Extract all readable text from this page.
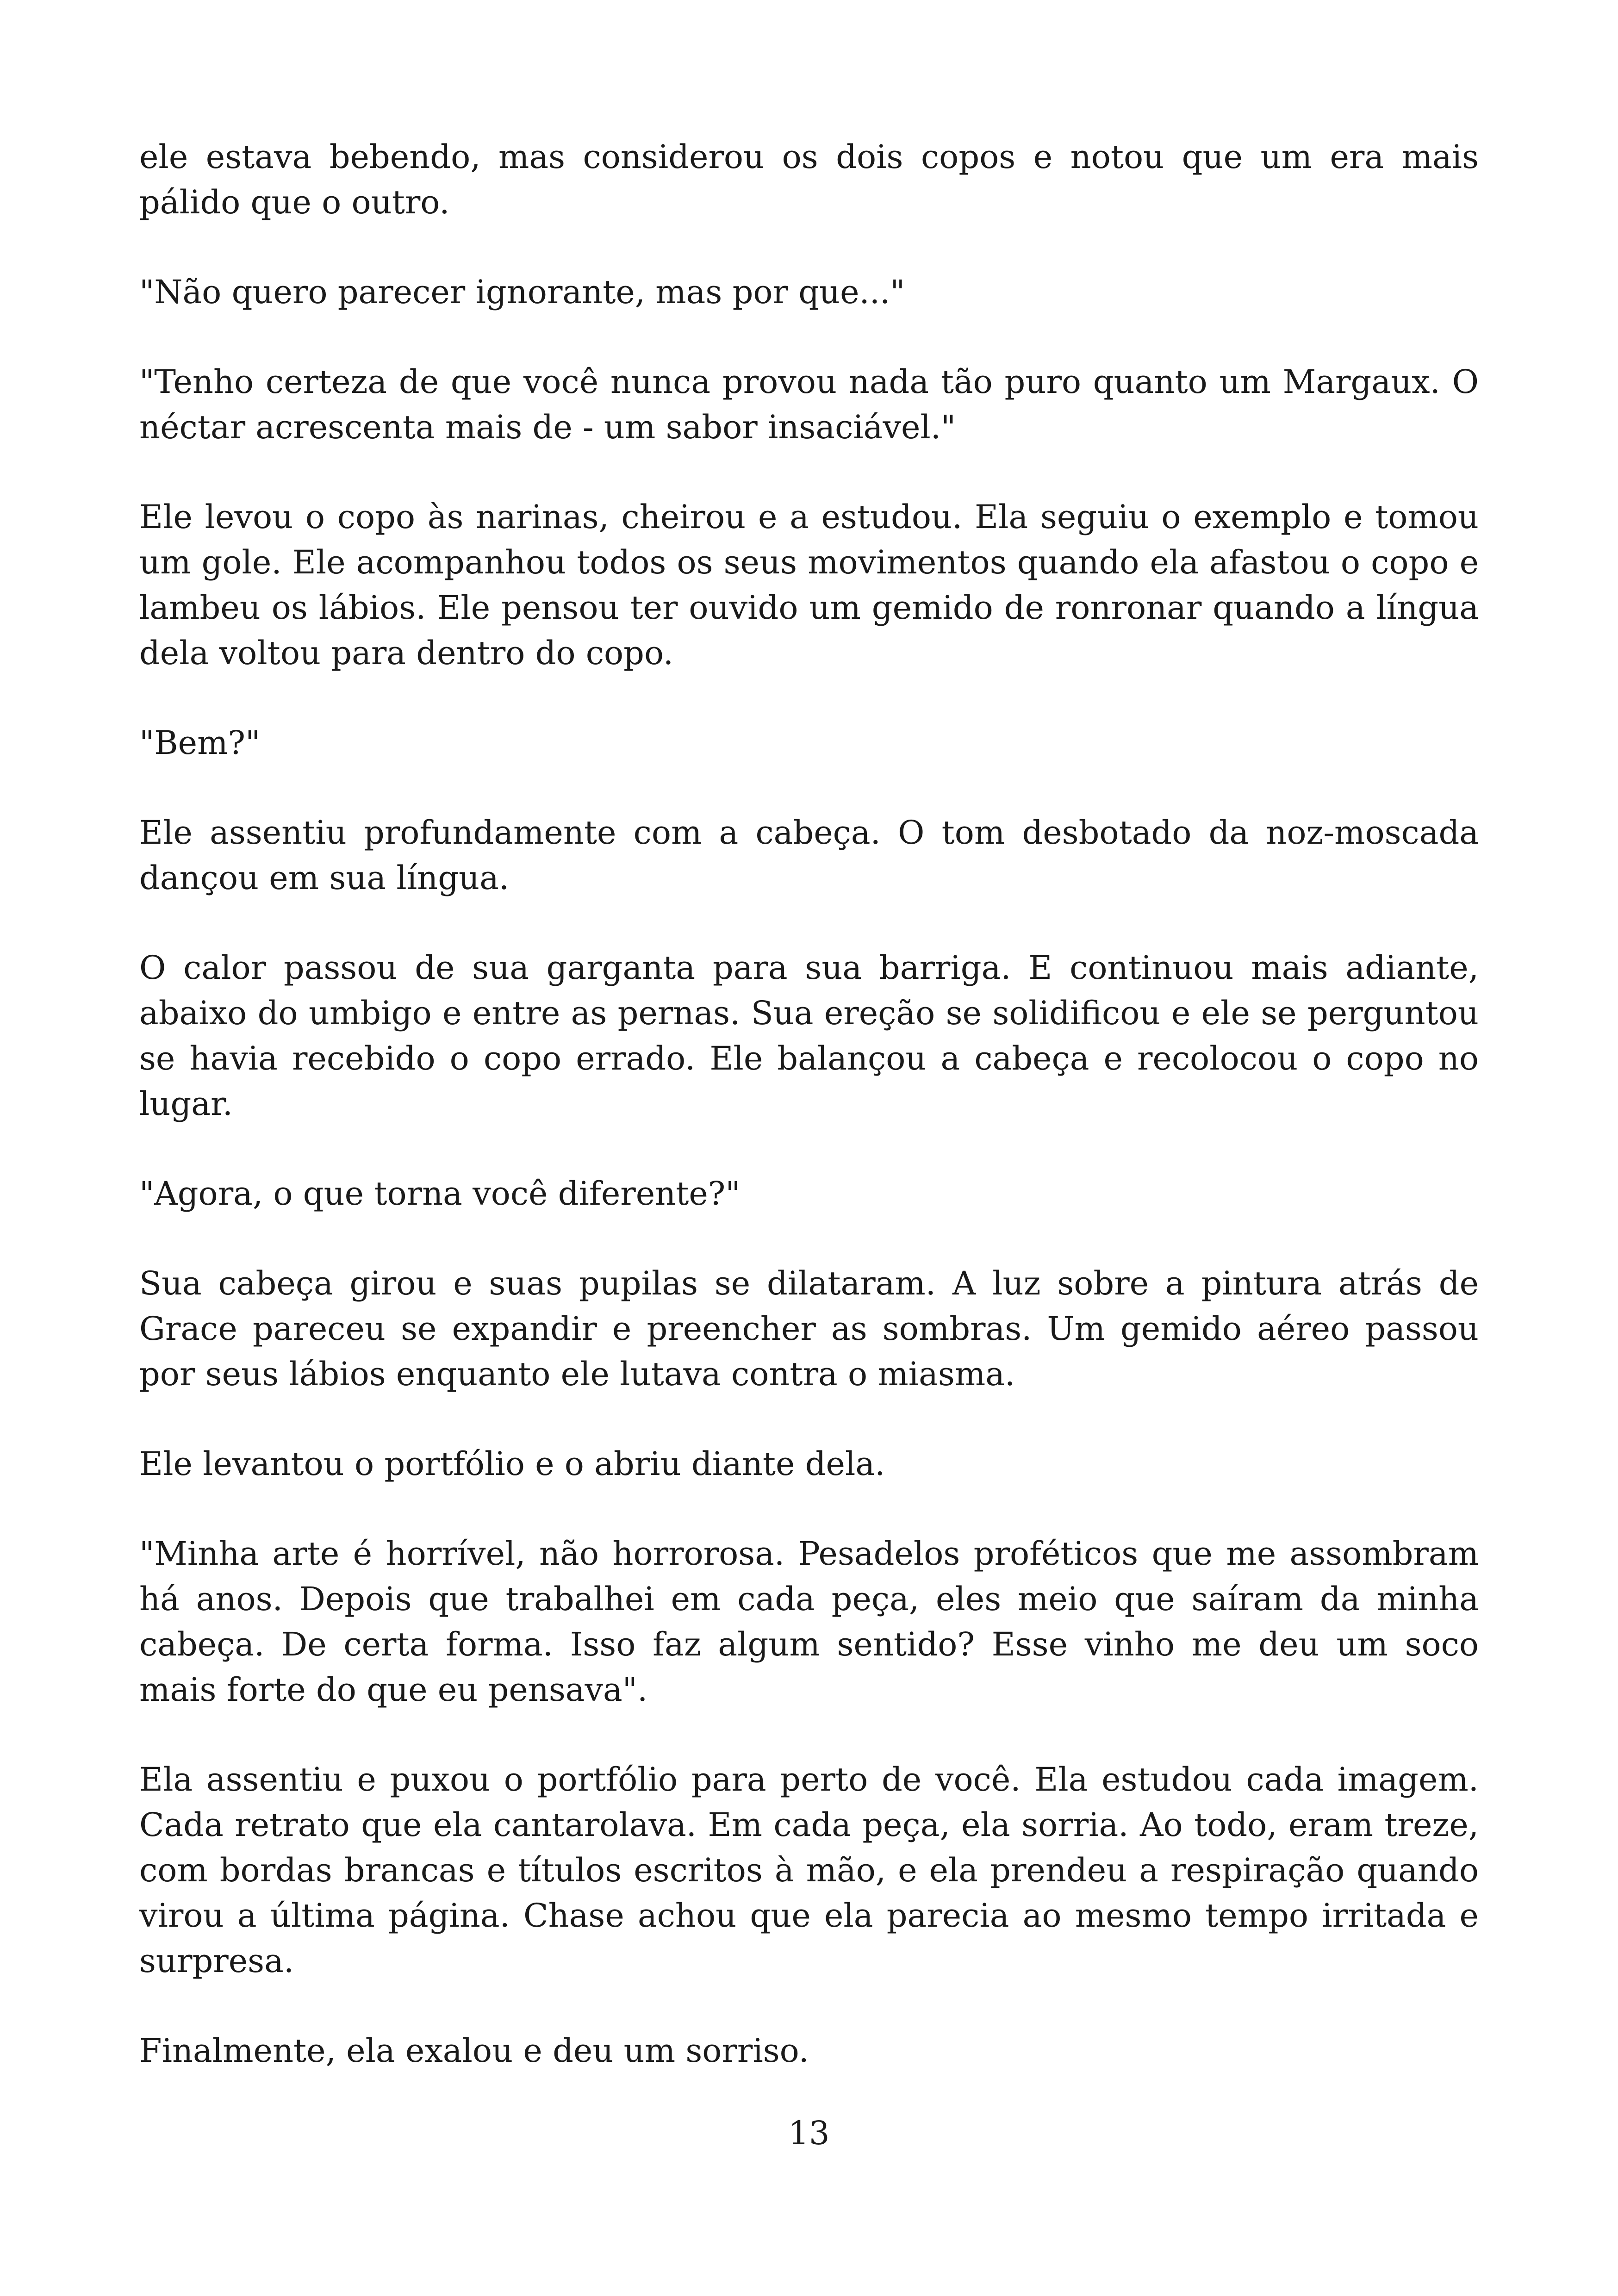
ele estava bebendo, mas considerou os dois copos e notou que um era mais pálido que o outro.

"Não quero parecer ignorante, mas por que..."

"Tenho certeza de que você nunca provou nada tão puro quanto um Margaux. O néctar acrescenta mais de - um sabor insaciável."

Ele levou o copo às narinas, cheirou e a estudou. Ela seguiu o exemplo e tomou um gole. Ele acompanhou todos os seus movimentos quando ela afastou o copo e lambeu os lábios. Ele pensou ter ouvido um gemido de ronronar quando a língua dela voltou para dentro do copo.

"Bem?"

Ele assentiu profundamente com a cabeça. O tom desbotado da noz-moscada dançou em sua língua.

O calor passou de sua garganta para sua barriga. E continuou mais adiante, abaixo do umbigo e entre as pernas. Sua ereção se solidificou e ele se perguntou se havia recebido o copo errado. Ele balançou a cabeça e recolocou o copo no lugar.

"Agora, o que torna você diferente?"

Sua cabeça girou e suas pupilas se dilataram. A luz sobre a pintura atrás de Grace pareceu se expandir e preencher as sombras. Um gemido aéreo passou por seus lábios enquanto ele lutava contra o miasma.

Ele levantou o portfólio e o abriu diante dela.

"Minha arte é horrível, não horrorosa. Pesadelos proféticos que me assombram há anos. Depois que trabalhei em cada peça, eles meio que saíram da minha cabeça. De certa forma. Isso faz algum sentido? Esse vinho me deu um soco mais forte do que eu pensava".

Ela assentiu e puxou o portfólio para perto de você. Ela estudou cada imagem. Cada retrato que ela cantarolava. Em cada peça, ela sorria. Ao todo, eram treze, com bordas brancas e títulos escritos à mão, e ela prendeu a respiração quando virou a última página. Chase achou que ela parecia ao mesmo tempo irritada e surpresa.

Finalmente, ela exalou e deu um sorriso.

13
